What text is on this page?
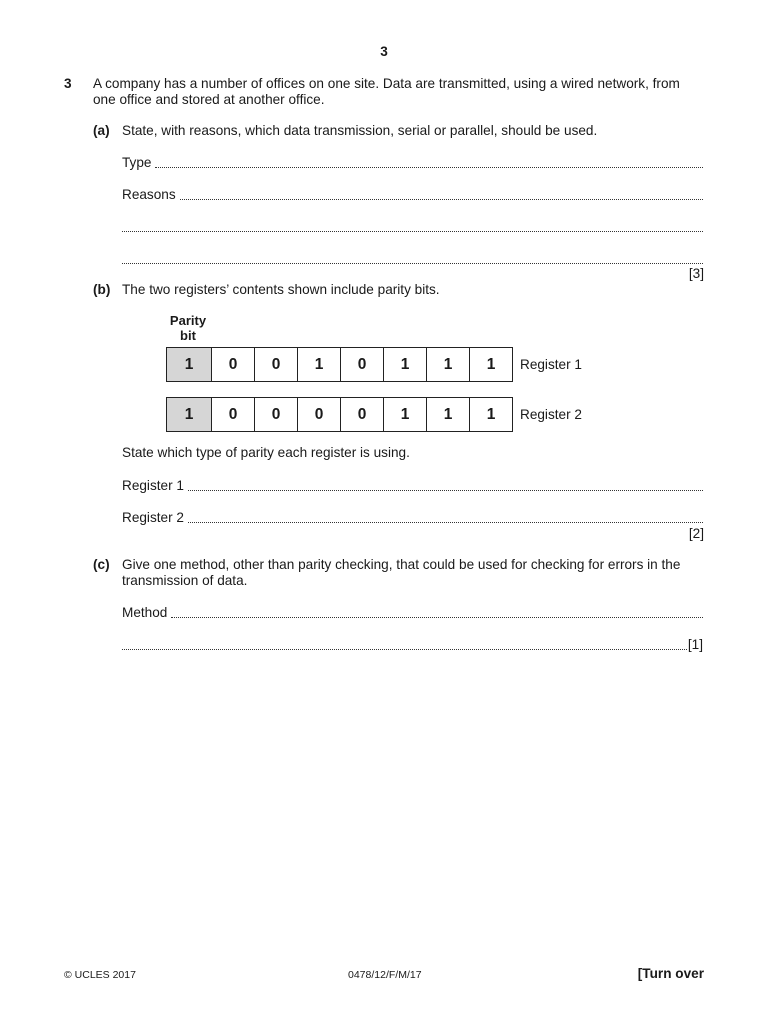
3
3 A company has a number of offices on one site. Data are transmitted, using a wired network, from one office and stored at another office.
(a) State, with reasons, which data transmission, serial or parallel, should be used.
Type
Reasons
[3]
(b) The two registers’ contents shown include parity bits.
Parity
bit
1	0	0	1	0	1	1	1	Register 1
1	0	0	0	0	1	1	1	Register 2
State which type of parity each register is using.
Register 1
Register 2
[2]
(c) Give one method, other than parity checking, that could be used for checking for errors in the transmission of data.
Method
[1]
© UCLES 2017	0478/12/F/M/17	[Turn over
